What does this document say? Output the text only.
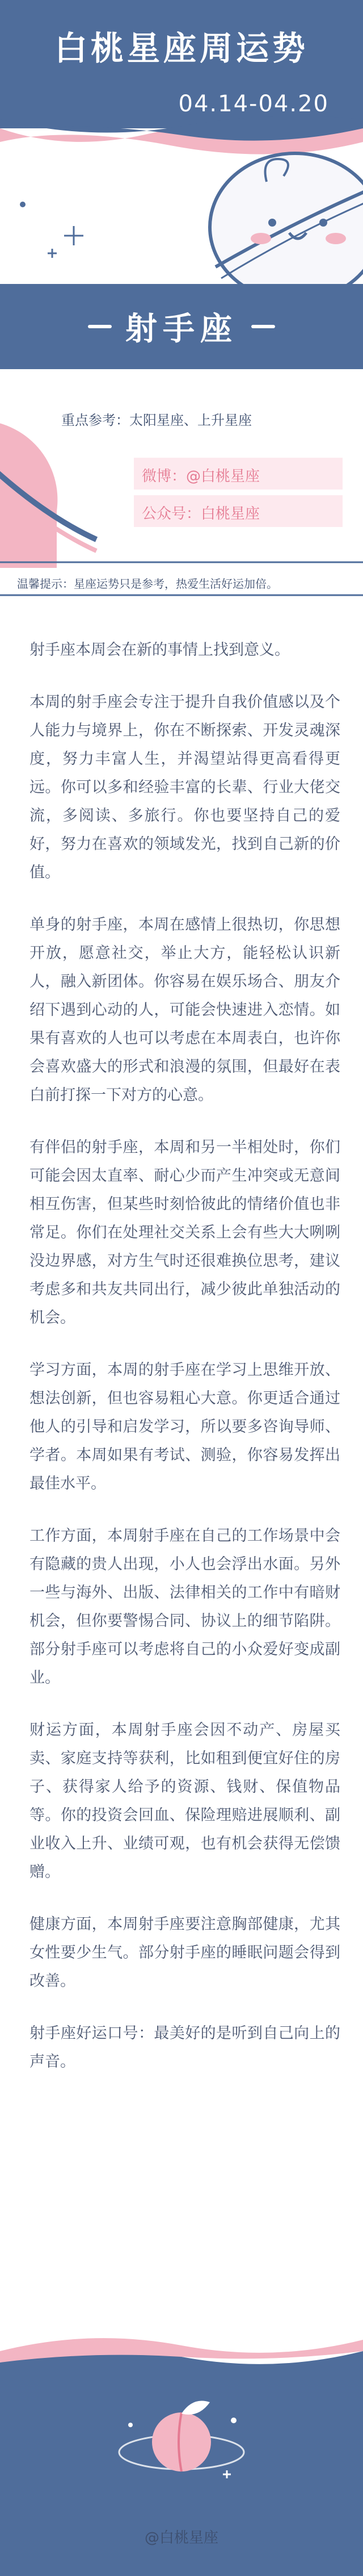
白桃星座周运势
04.14-04.20
射手座
重点参考：太阳星座、上升星座
微博：@白桃星座
公众号：白桃星座
温馨提示：星座运势只是参考，热爱生活好运加倍。

射手座本周会在新的事情上找到意义。

本周的射手座会专注于提升自我价值感以及个人能力与境界上，你在不断探索、开发灵魂深度，努力丰富人生，并渴望站得更高看得更远。你可以多和经验丰富的长辈、行业大佬交流，多阅读、多旅行。你也要坚持自己的爱好，努力在喜欢的领域发光，找到自己新的价值。

单身的射手座，本周在感情上很热切，你思想开放，愿意社交，举止大方，能轻松认识新人，融入新团体。你容易在娱乐场合、朋友介绍下遇到心动的人，可能会快速进入恋情。如果有喜欢的人也可以考虑在本周表白，也许你会喜欢盛大的形式和浪漫的氛围，但最好在表白前打探一下对方的心意。

有伴侣的射手座，本周和另一半相处时，你们可能会因太直率、耐心少而产生冲突或无意间相互伤害，但某些时刻恰彼此的情绪价值也非常足。你们在处理社交关系上会有些大大咧咧没边界感，对方生气时还很难换位思考，建议考虑多和共友共同出行，减少彼此单独活动的机会。

学习方面，本周的射手座在学习上思维开放、想法创新，但也容易粗心大意。你更适合通过他人的引导和启发学习，所以要多咨询导师、学者。本周如果有考试、测验，你容易发挥出最佳水平。

工作方面，本周射手座在自己的工作场景中会有隐藏的贵人出现，小人也会浮出水面。另外一些与海外、出版、法律相关的工作中有暗财机会，但你要警惕合同、协议上的细节陷阱。部分射手座可以考虑将自己的小众爱好变成副业。

财运方面，本周射手座会因不动产、房屋买卖、家庭支持等获利，比如租到便宜好住的房子、获得家人给予的资源、钱财、保值物品等。你的投资会回血、保险理赔进展顺利、副业收入上升、业绩可观，也有机会获得无偿馈赠。

健康方面，本周射手座要注意胸部健康，尤其女性要少生气。部分射手座的睡眠问题会得到改善。

射手座好运口号：最美好的是听到自己向上的声音。

@白桃星座
